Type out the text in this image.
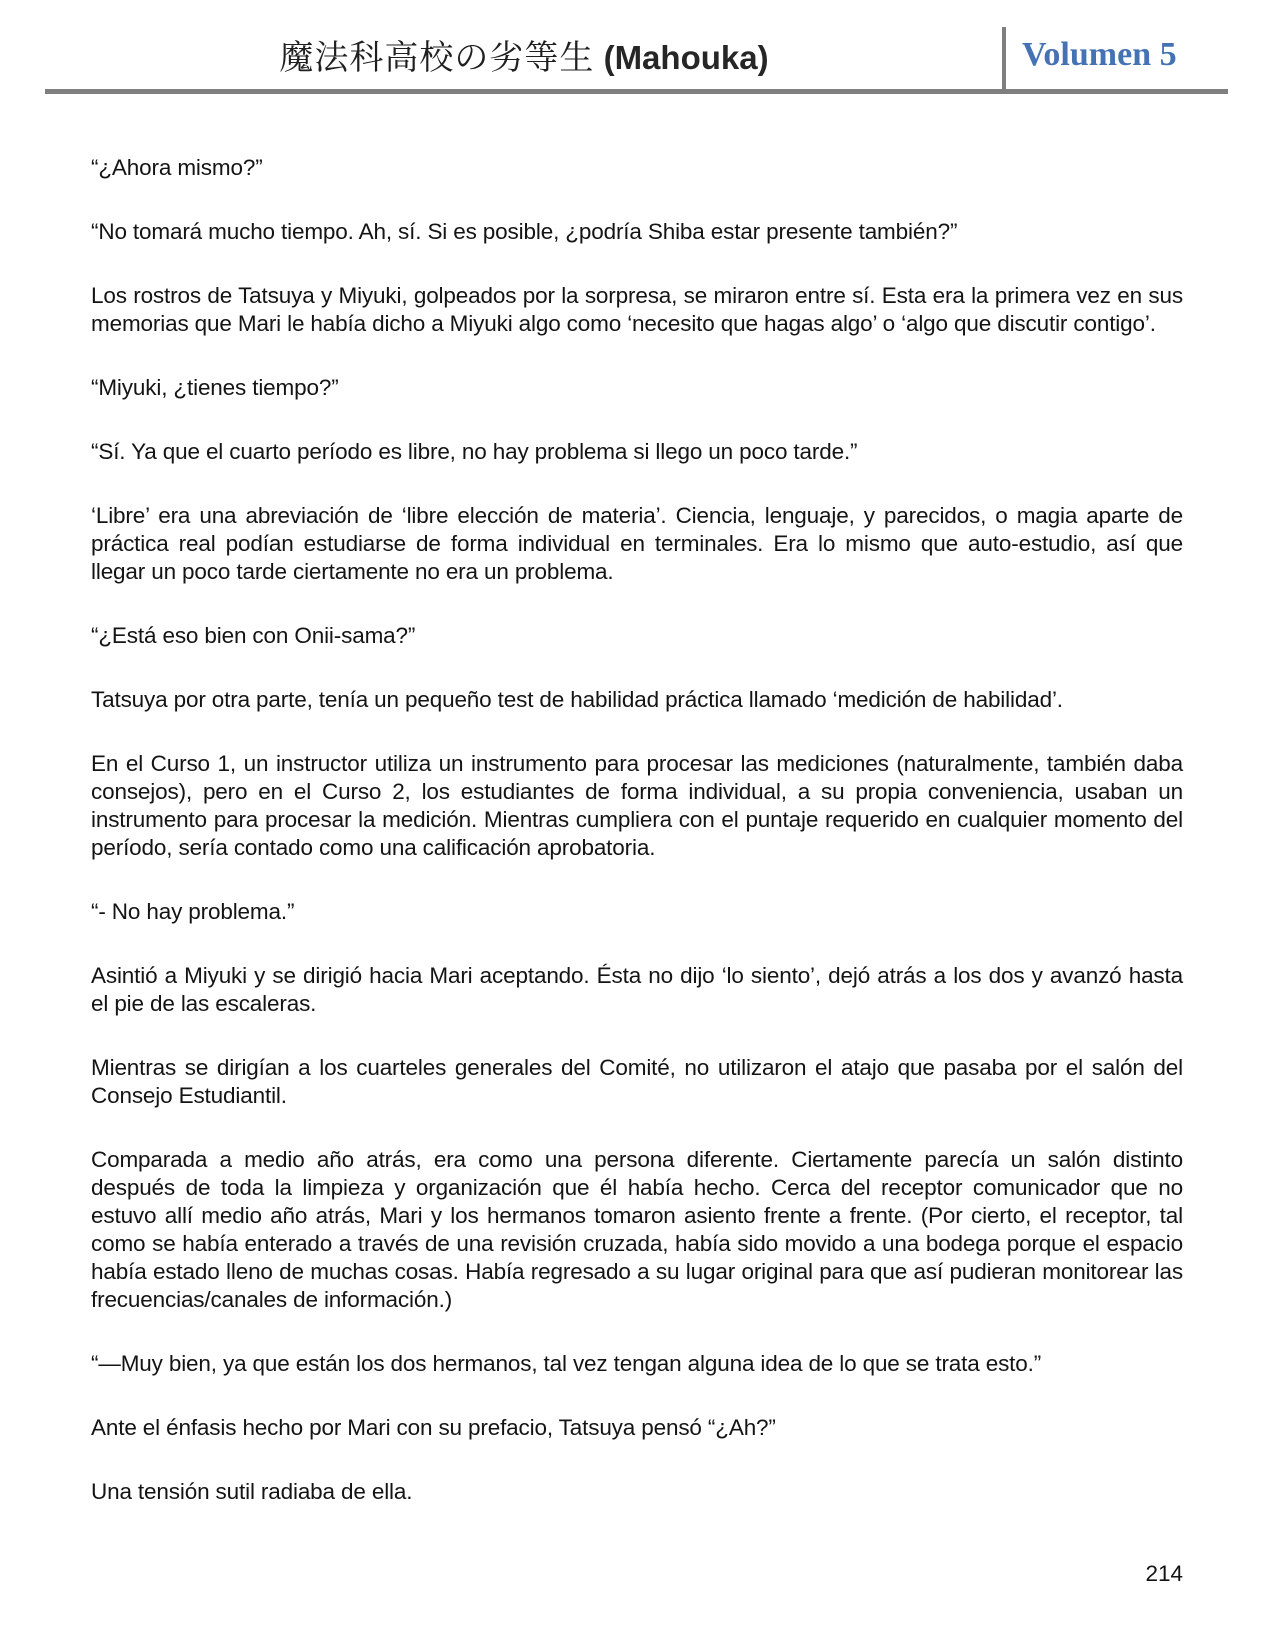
魔法科高校の劣等生 (Mahouka)	Volumen 5

“¿Ahora mismo?”

“No tomará mucho tiempo. Ah, sí. Si es posible, ¿podría Shiba estar presente también?”

Los rostros de Tatsuya y Miyuki, golpeados por la sorpresa, se miraron entre sí. Esta era la primera vez en sus memorias que Mari le había dicho a Miyuki algo como ‘necesito que hagas algo’ o ‘algo que discutir contigo’.

“Miyuki, ¿tienes tiempo?”

“Sí. Ya que el cuarto período es libre, no hay problema si llego un poco tarde.”

‘Libre’ era una abreviación de ‘libre elección de materia’. Ciencia, lenguaje, y parecidos, o magia aparte de práctica real podían estudiarse de forma individual en terminales. Era lo mismo que auto-estudio, así que llegar un poco tarde ciertamente no era un problema.

“¿Está eso bien con Onii-sama?”

Tatsuya por otra parte, tenía un pequeño test de habilidad práctica llamado ‘medición de habilidad’.

En el Curso 1, un instructor utiliza un instrumento para procesar las mediciones (naturalmente, también daba consejos), pero en el Curso 2, los estudiantes de forma individual, a su propia conveniencia, usaban un instrumento para procesar la medición. Mientras cumpliera con el puntaje requerido en cualquier momento del período, sería contado como una calificación aprobatoria.

“- No hay problema.”

Asintió a Miyuki y se dirigió hacia Mari aceptando. Ésta no dijo ‘lo siento’, dejó atrás a los dos y avanzó hasta el pie de las escaleras.

Mientras se dirigían a los cuarteles generales del Comité, no utilizaron el atajo que pasaba por el salón del Consejo Estudiantil.

Comparada a medio año atrás, era como una persona diferente. Ciertamente parecía un salón distinto después de toda la limpieza y organización que él había hecho. Cerca del receptor comunicador que no estuvo allí medio año atrás, Mari y los hermanos tomaron asiento frente a frente. (Por cierto, el receptor, tal como se había enterado a través de una revisión cruzada, había sido movido a una bodega porque el espacio había estado lleno de muchas cosas. Había regresado a su lugar original para que así pudieran monitorear las frecuencias/canales de información.)

“—Muy bien, ya que están los dos hermanos, tal vez tengan alguna idea de lo que se trata esto.”

Ante el énfasis hecho por Mari con su prefacio, Tatsuya pensó “¿Ah?”

Una tensión sutil radiaba de ella.

214
